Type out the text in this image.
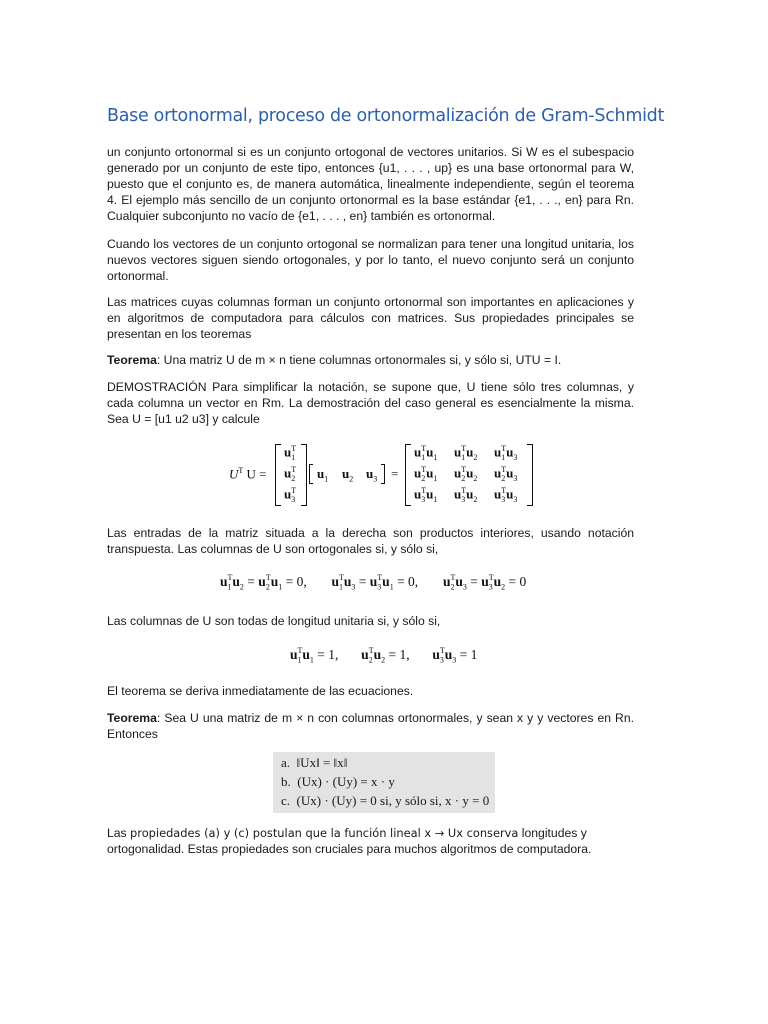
Base ortonormal, proceso de ortonormalización de Gram-Schmidt

un conjunto ortonormal si es un conjunto ortogonal de vectores unitarios. Si W es el subespacio generado por un conjunto de este tipo, entonces {u1, . . . , up} es una base ortonormal para W, puesto que el conjunto es, de manera automática, linealmente independiente, según el teorema 4. El ejemplo más sencillo de un conjunto ortonormal es la base estándar {e1, . . ., en} para Rn. Cualquier subconjunto no vacío de {e1, . . . , en} también es ortonormal.

Cuando los vectores de un conjunto ortogonal se normalizan para tener una longitud unitaria, los nuevos vectores siguen siendo ortogonales, y por lo tanto, el nuevo conjunto será un conjunto ortonormal.

Las matrices cuyas columnas forman un conjunto ortonormal son importantes en aplicaciones y en algoritmos de computadora para cálculos con matrices. Sus propiedades principales se presentan en los teoremas

Teorema: Una matriz U de m × n tiene columnas ortonormales si, y sólo si, UTU = I.

DEMOSTRACIÓN Para simplificar la notación, se supone que, U tiene sólo tres columnas, y cada columna un vector en Rm. La demostración del caso general es esencialmente la misma. Sea U = [u1 u2 u3] y calcule

Las entradas de la matriz situada a la derecha son productos interiores, usando notación transpuesta. Las columnas de U son ortogonales si, y sólo si,

Las columnas de U son todas de longitud unitaria si, y sólo si,

El teorema se deriva inmediatamente de las ecuaciones.

Teorema: Sea U una matriz de m × n con columnas ortonormales, y sean x y y vectores en Rn. Entonces

$U^T$ U =
$u_1^T$
$u_2^T$
$u_3^T$
$u_1$ $u_2$ $u_3$ =
$u_1^Tu_1$ $u_1^Tu_2$ $u_1^Tu_3$
$u_2^Tu_1$ $u_2^Tu_2$ $u_2^Tu_3$
$u_3^Tu_1$ $u_3^Tu_2$ $u_3^Tu_3$
$u_1^Tu_2 = u_2^Tu_1 = 0$, $u_1^Tu_3 = u_3^Tu_1 = 0$, $u_2^Tu_3 = u_3^Tu_2 = 0$
$u_1^Tu_1 = 1$, $u_2^Tu_2 = 1$, $u_3^Tu_3 = 1$
a. ‖Ux‖ = ‖x‖
b. (Ux) · (Uy) = x · y
c. (Ux) · (Uy) = 0 si, y sólo si, x · y = 0

Las propiedades (a) y (c) postulan que la función lineal x → Ux conserva longitudes y ortogonalidad. Estas propiedades son cruciales para muchos algoritmos de computadora.
